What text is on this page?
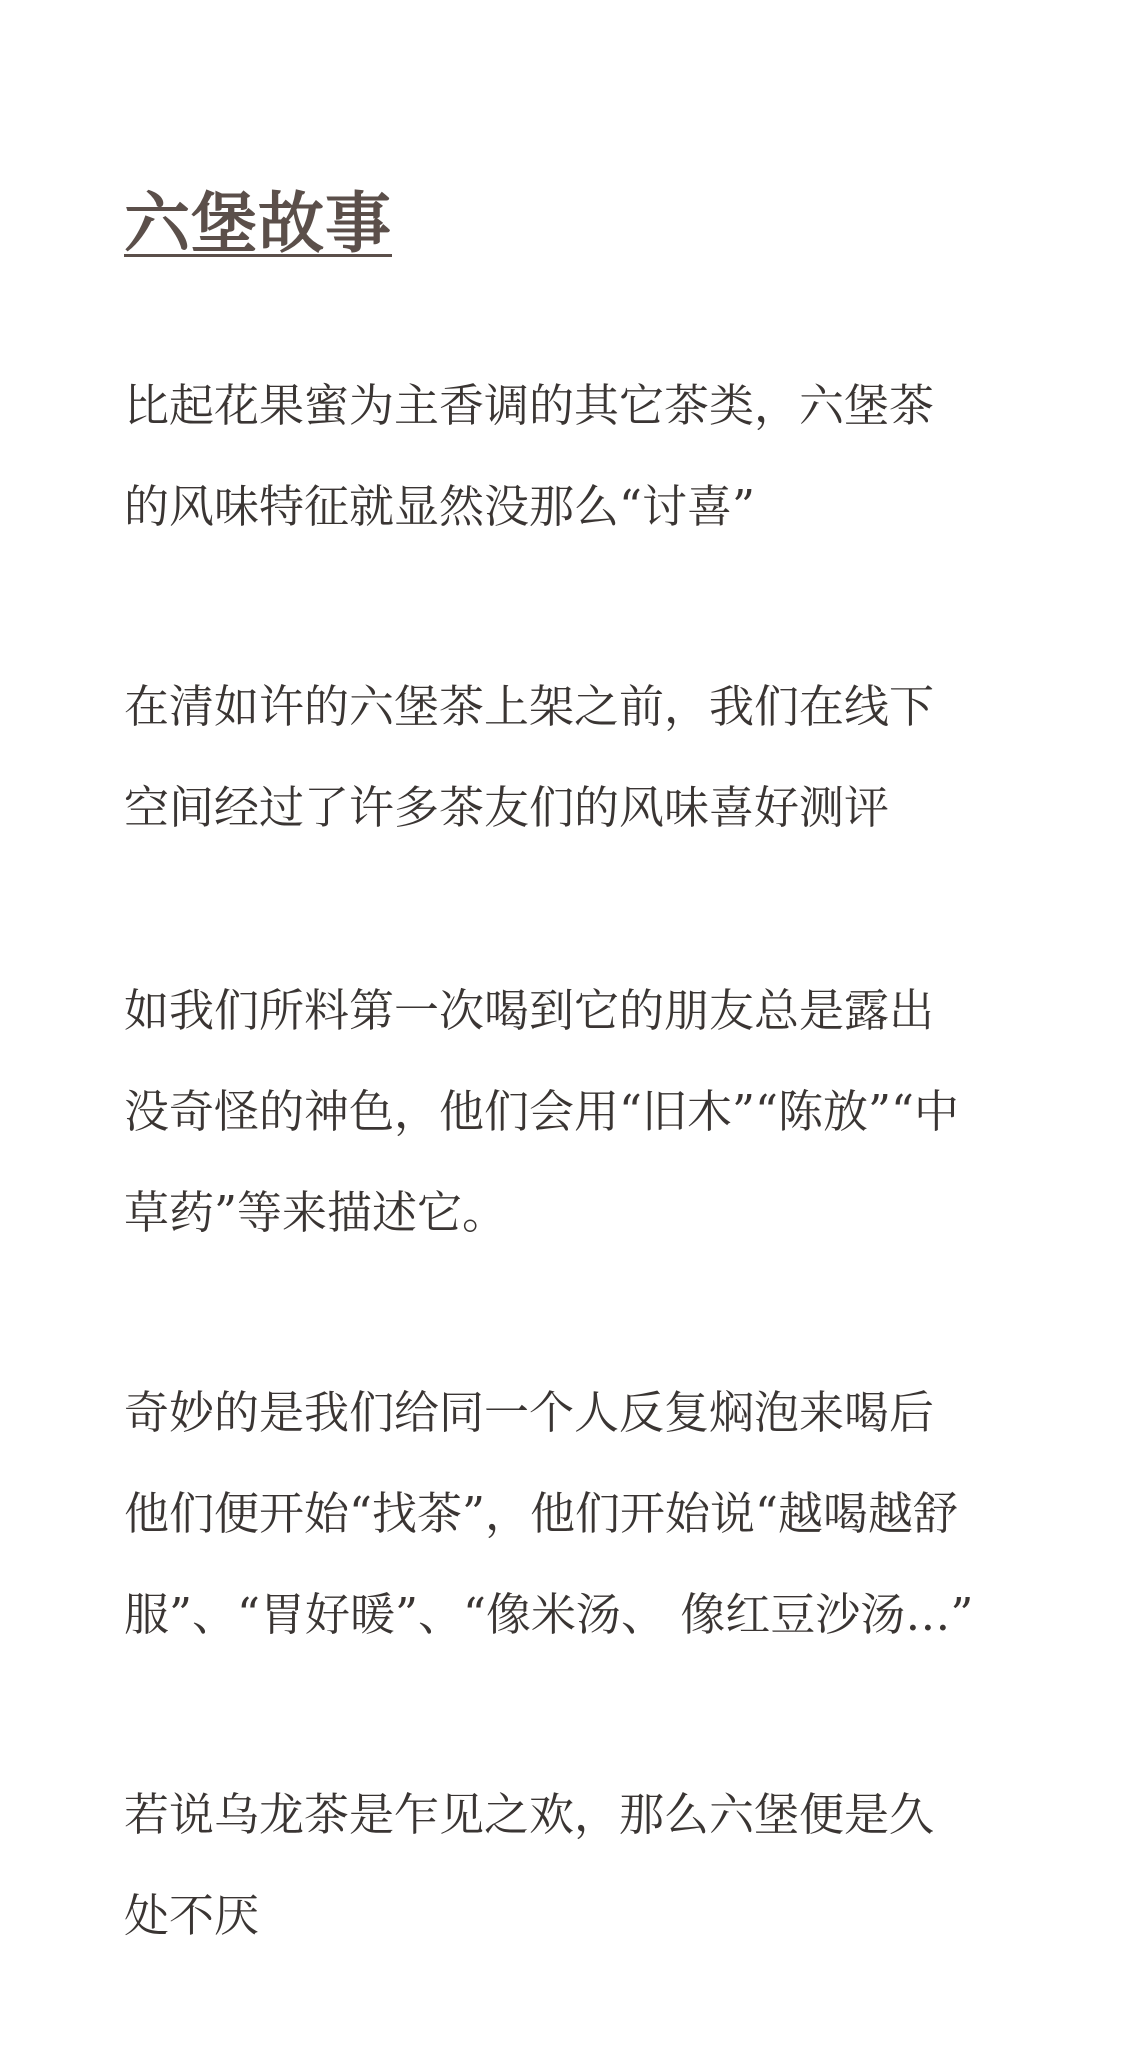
六堡故事

比起花果蜜为主香调的其它茶类，六堡茶
的风味特征就显然没那么“讨喜”

在清如许的六堡茶上架之前，我们在线下
空间经过了许多茶友们的风味喜好测评

如我们所料第一次喝到它的朋友总是露出
没奇怪的神色，他们会用“旧木”“陈放”“中
草药”等来描述它。

奇妙的是我们给同一个人反复焖泡来喝后
他们便开始“找茶”，他们开始说“越喝越舒
服”、“胃好暖”、“像米汤、 像红豆沙汤…”

若说乌龙茶是乍见之欢，那么六堡便是久
处不厌
